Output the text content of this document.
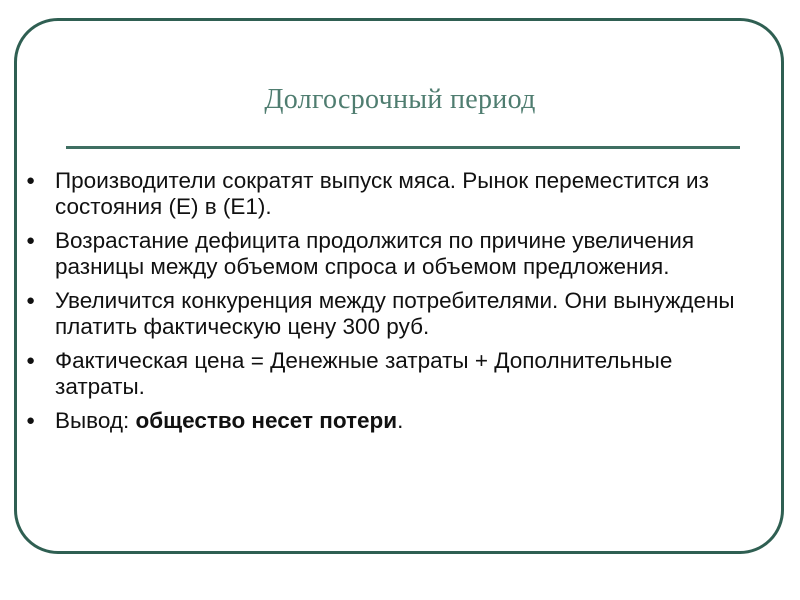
Долгосрочный период
● Производители сократят выпуск мяса. Рынок переместится из состояния (Е) в (Е1).
● Возрастание дефицита продолжится по причине увеличения разницы между объемом спроса и объемом предложения.
● Увеличится конкуренция между потребителями. Они вынуждены платить фактическую цену 300 руб.
● Фактическая цена = Денежные затраты + Дополнительные затраты.
● Вывод: общество несет потери.
